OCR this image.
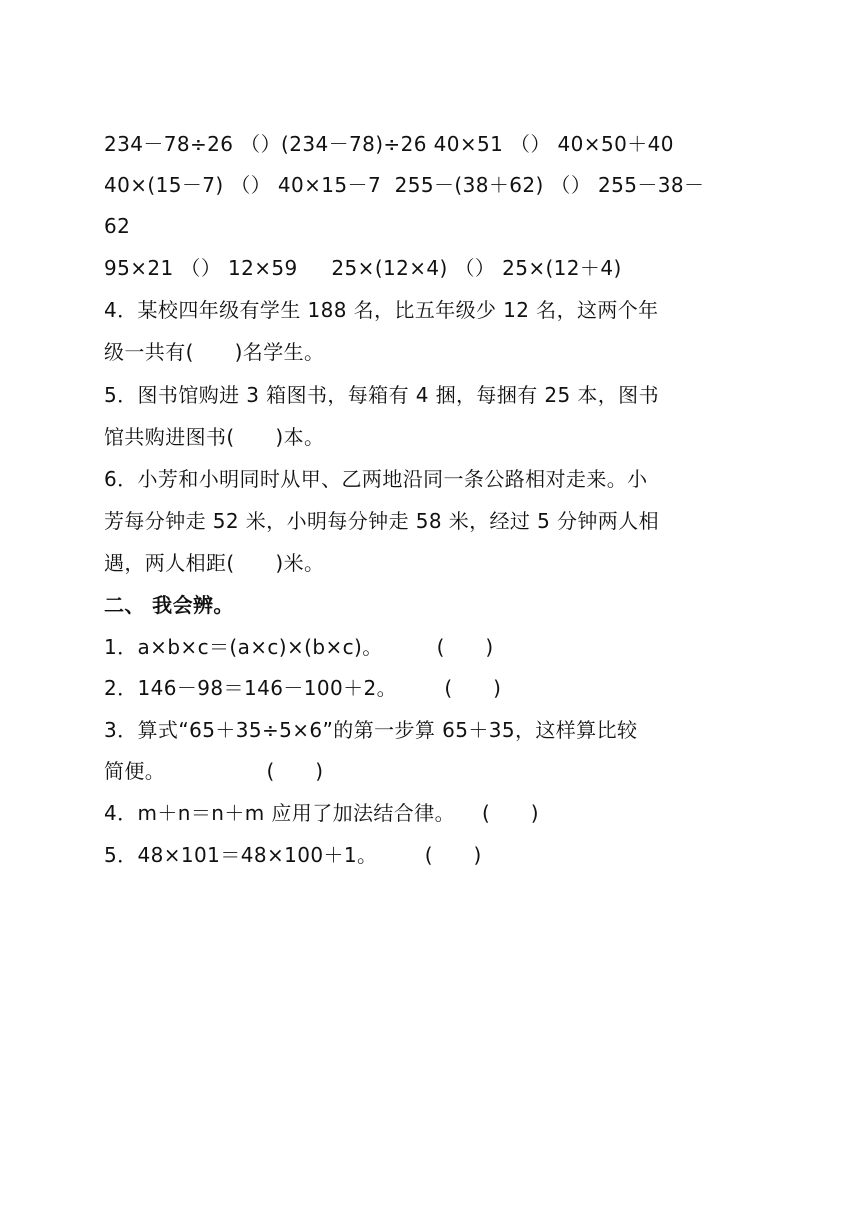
234－78÷26 （）(234－78)÷26 40×51 （） 40×50＋40
40×(15－7) （） 40×15－7  255－(38＋62) （） 255－38－
62
95×21 （） 12×59     25×(12×4) （） 25×(12＋4)
4．某校四年级有学生 188 名，比五年级少 12 名，这两个年
级一共有(　　)名学生。
5．图书馆购进 3 箱图书，每箱有 4 捆，每捆有 25 本，图书
馆共购进图书(　　)本。
6．小芳和小明同时从甲、乙两地沿同一条公路相对走来。小
芳每分钟走 52 米，小明每分钟走 58 米，经过 5 分钟两人相
遇，两人相距(　　)米。
二、 我会辨。
1．a×b×c＝(a×c)×(b×c)。        (      )
2．146－98＝146－100＋2。       (      )
3．算式“65＋35÷5×6”的第一步算 65＋35，这样算比较
简便。               (      )
4．m＋n＝n＋m 应用了加法结合律。    (      )
5．48×101＝48×100＋1。       (      )
